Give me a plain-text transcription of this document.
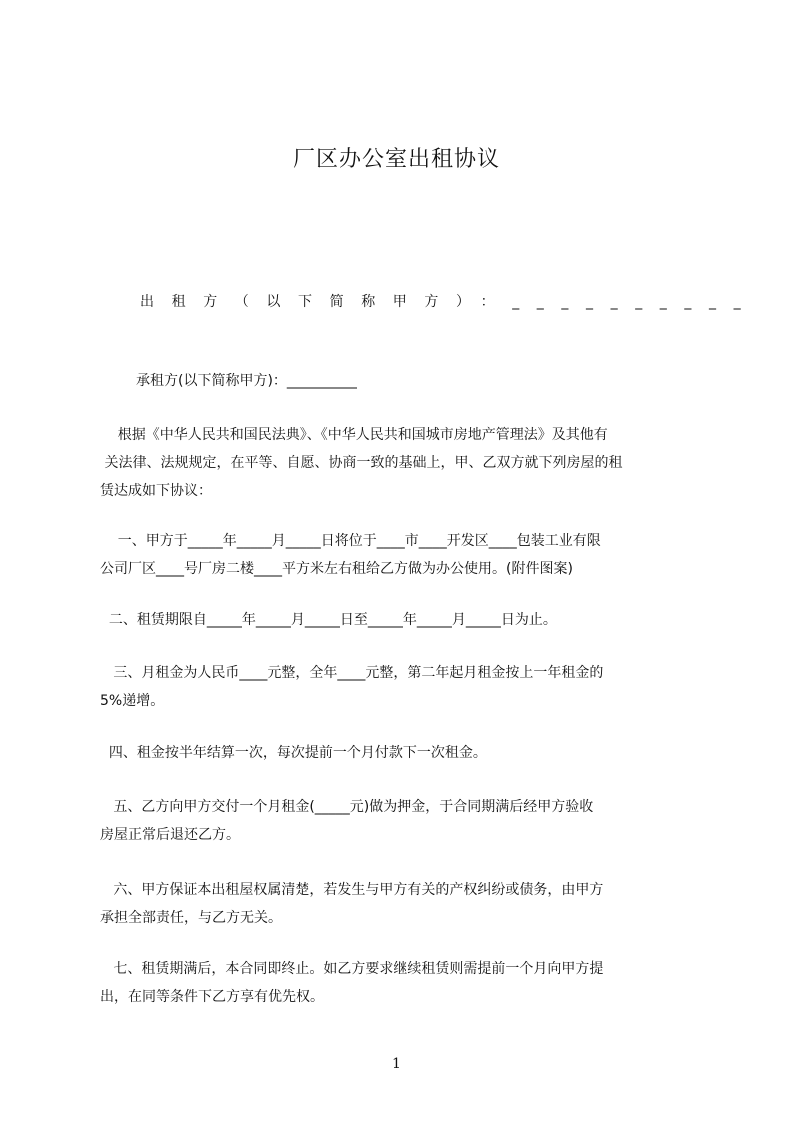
厂区办公室出租协议
出租方（以下简称甲方）：__________
承租方(以下简称甲方)：__________

根据《中华人民共和国民法典》、《中华人民共和国城市房地产管理法》及其他有

关法律、法规规定，在平等、自愿、协商一致的基础上，甲、乙双方就下列房屋的租

赁达成如下协议：

一、甲方于_____年_____月_____日将位于____市____开发区____包装工业有限

公司厂区____号厂房二楼____平方米左右租给乙方做为办公使用。(附件图案)

二、租赁期限自_____年_____月_____日至_____年_____月_____日为止。

三、月租金为人民币____元整，全年____元整，第二年起月租金按上一年租金的

5%递增。

四、租金按半年结算一次，每次提前一个月付款下一次租金。

五、乙方向甲方交付一个月租金(_____元)做为押金，于合同期满后经甲方验收

房屋正常后退还乙方。

六、甲方保证本出租屋权属清楚，若发生与甲方有关的产权纠纷或债务，由甲方

承担全部责任，与乙方无关。

七、租赁期满后，本合同即终止。如乙方要求继续租赁则需提前一个月向甲方提

出，在同等条件下乙方享有优先权。

1
